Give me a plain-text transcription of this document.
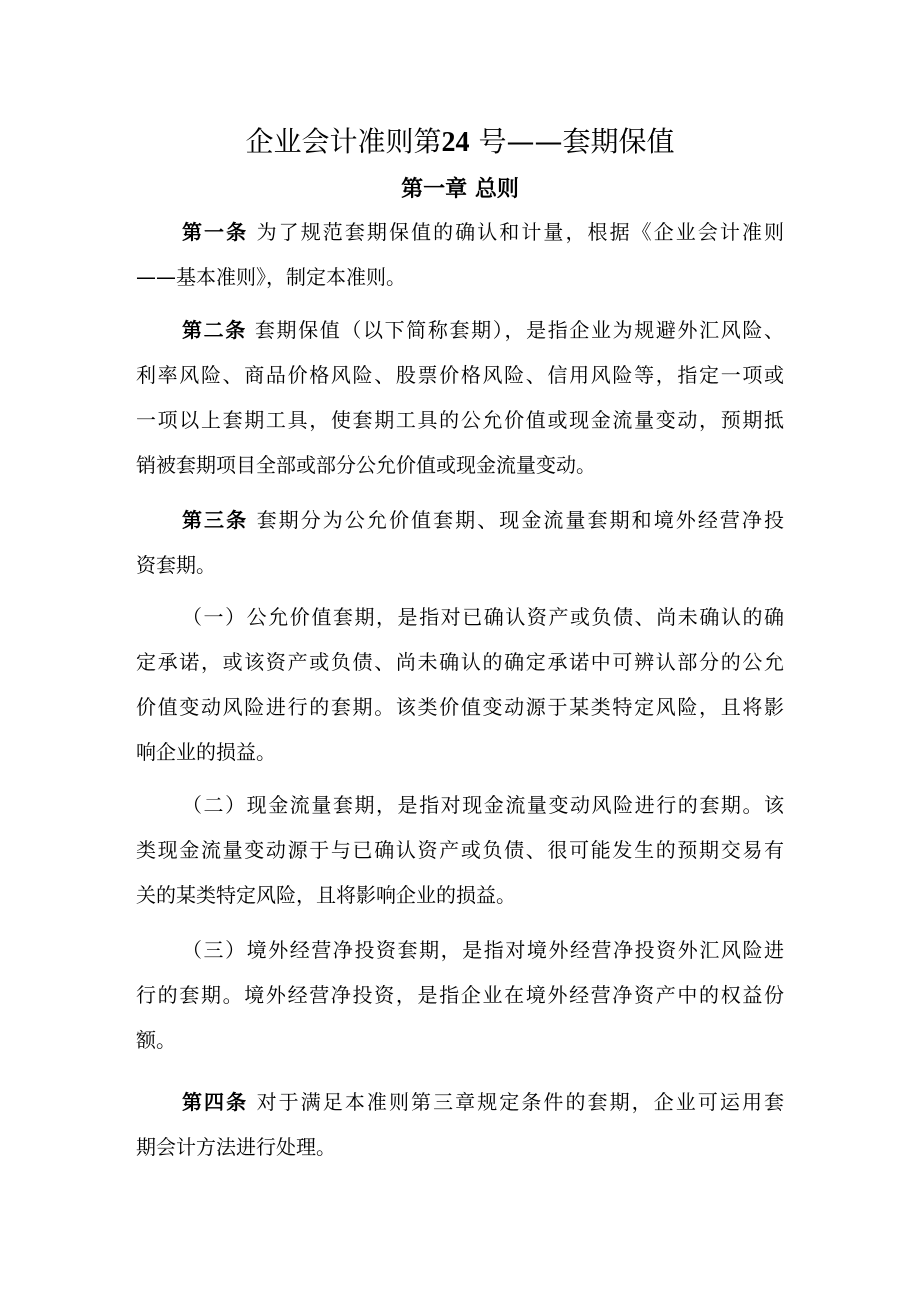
企业会计准则第24 号——套期保值
第一章 总则
第一条 为了规范套期保值的确认和计量，根据《企业会计准则
——基本准则》，制定本准则。
第二条 套期保值（以下简称套期），是指企业为规避外汇风险、
利率风险、商品价格风险、股票价格风险、信用风险等，指定一项或
一项以上套期工具，使套期工具的公允价值或现金流量变动，预期抵
销被套期项目全部或部分公允价值或现金流量变动。
第三条 套期分为公允价值套期、现金流量套期和境外经营净投
资套期。
（一）公允价值套期，是指对已确认资产或负债、尚未确认的确
定承诺，或该资产或负债、尚未确认的确定承诺中可辨认部分的公允
价值变动风险进行的套期。该类价值变动源于某类特定风险，且将影
响企业的损益。
（二）现金流量套期，是指对现金流量变动风险进行的套期。该
类现金流量变动源于与已确认资产或负债、很可能发生的预期交易有
关的某类特定风险，且将影响企业的损益。
（三）境外经营净投资套期，是指对境外经营净投资外汇风险进
行的套期。境外经营净投资，是指企业在境外经营净资产中的权益份
额。
第四条 对于满足本准则第三章规定条件的套期，企业可运用套
期会计方法进行处理。
